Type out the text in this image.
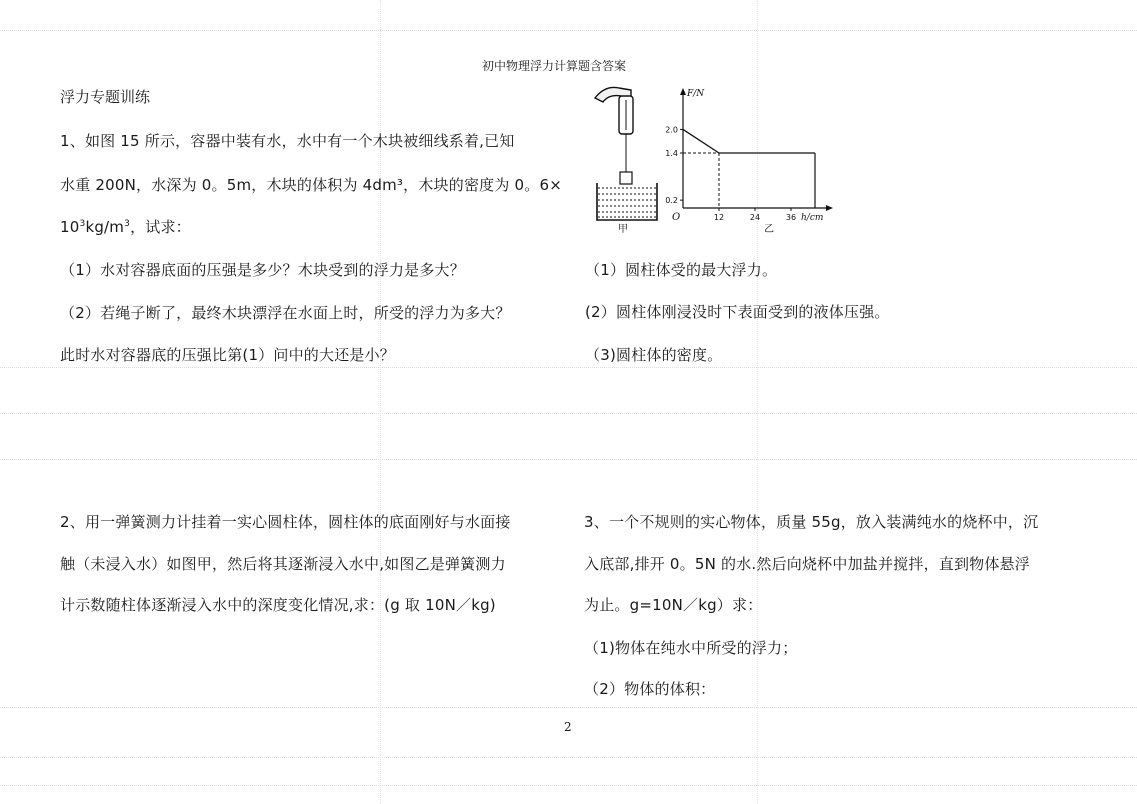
初中物理浮力计算题含答案
浮力专题训练
1、如图 15 所示，容器中装有水，水中有一个木块被细线系着,已知
水重 200N，水深为 0。5m，木块的体积为 4dm³，木块的密度为 0。6×
$10^3kg/m^3$，试求：
（1）水对容器底面的压强是多少？木块受到的浮力是多大？
（2）若绳子断了，最终木块漂浮在水面上时，所受的浮力为多大？
此时水对容器底的压强比第(1）问中的大还是小？
甲
F/N
h/cm
O
2.0
1.4
0.2
12	24	36
乙
（1）圆柱体受的最大浮力。
(2）圆柱体刚浸没时下表面受到的液体压强。
（3)圆柱体的密度。
2、用一弹簧测力计挂着一实心圆柱体，圆柱体的底面刚好与水面接
触（未浸入水）如图甲，然后将其逐渐浸入水中,如图乙是弹簧测力
计示数随柱体逐渐浸入水中的深度变化情况,求：(g 取 10N／kg)
3、一个不规则的实心物体，质量 55g，放入装满纯水的烧杯中，沉
入底部,排开 0。5N 的水.然后向烧杯中加盐并搅拌，直到物体悬浮
为止。g=10N／kg）求：
（1)物体在纯水中所受的浮力；
（2）物体的体积：
2
